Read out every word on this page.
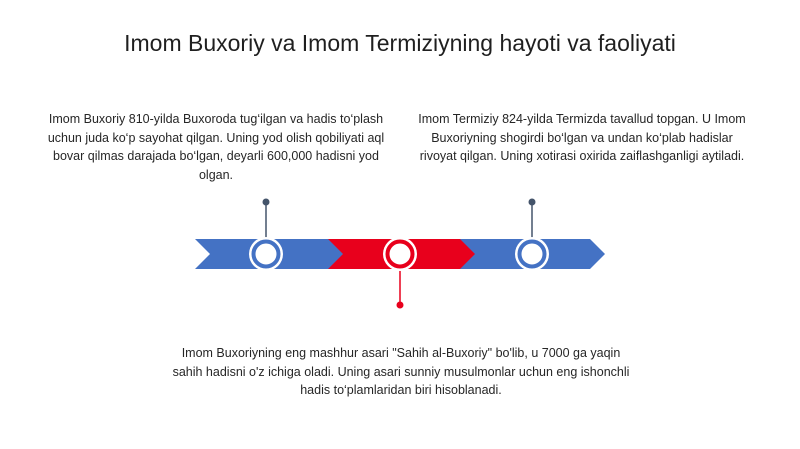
Imom Buxoriy va Imom Termiziyning hayoti va faoliyati
Imom Buxoriy 810-yilda Buxoroda tug‘ilgan va hadis to‘plash uchun juda ko‘p sayohat qilgan. Uning yod olish qobiliyati aql bovar qilmas darajada bo‘lgan, deyarli 600,000 hadisni yod olgan.
Imom Termiziy 824-yilda Termizda tavallud topgan. U Imom Buxoriyning shogirdi bo‘lgan va undan ko‘plab hadislar rivoyat qilgan. Uning xotirasi oxirida zaiflashganligi aytiladi.
Imom Buxoriyning eng mashhur asari "Sahih al-Buxoriy" bo'lib, u 7000 ga yaqin sahih hadisni o'z ichiga oladi. Uning asari sunniy musulmonlar uchun eng ishonchli hadis to‘plamlaridan biri hisoblanadi.
